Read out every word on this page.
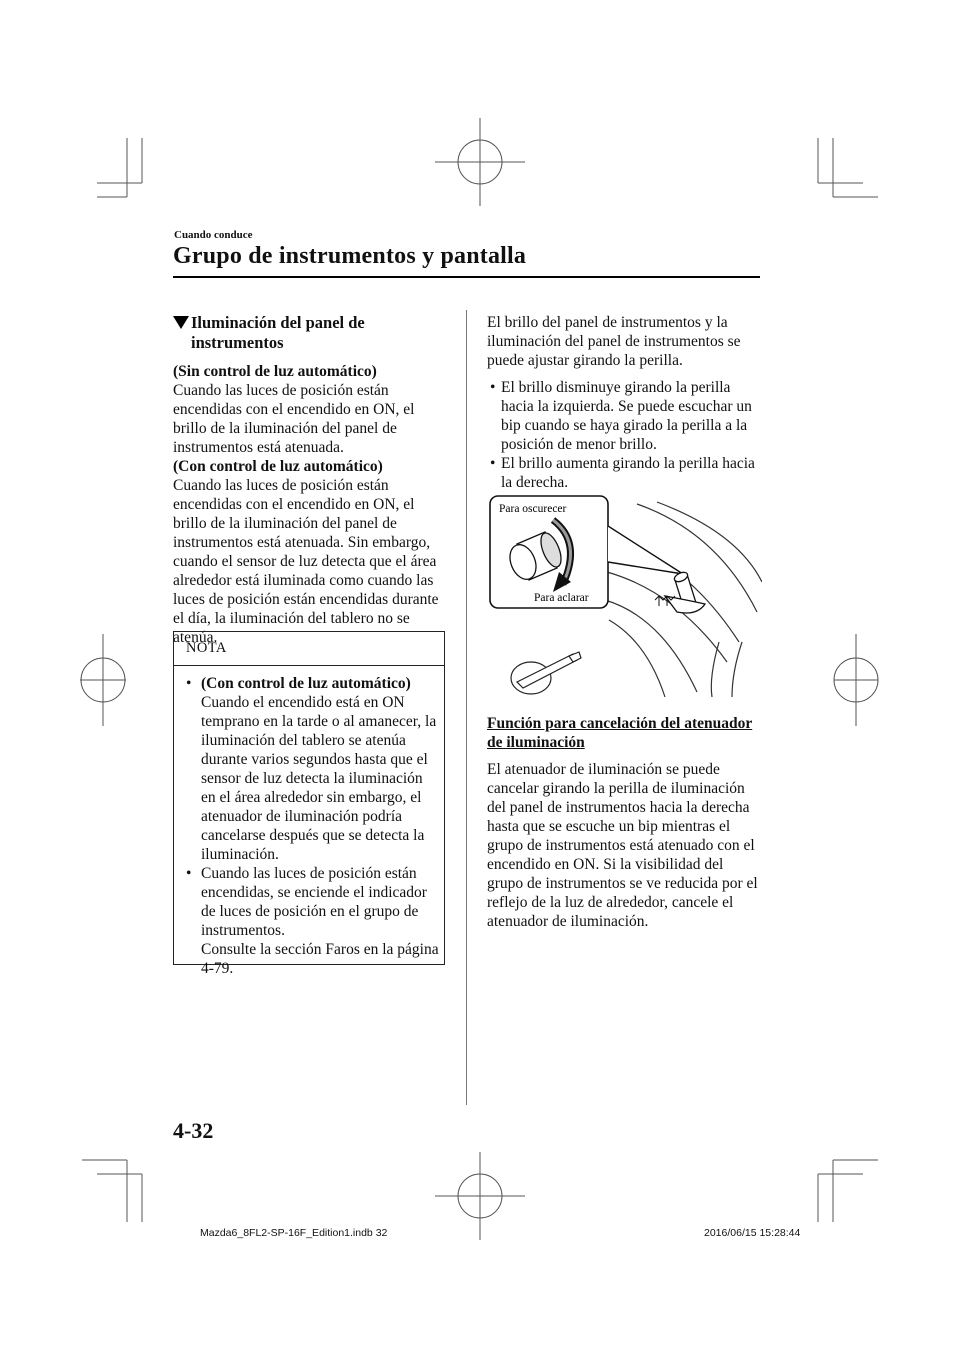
Cuando conduce
Grupo de instrumentos y pantalla
Iluminación del panel de
instrumentos

(Sin control de luz automático)

Cuando las luces de posición están encendidas con el encendido en ON, el brillo de la iluminación del panel de instrumentos está atenuada.

(Con control de luz automático)

Cuando las luces de posición están encendidas con el encendido en ON, el brillo de la iluminación del panel de instrumentos está atenuada. Sin embargo, cuando el sensor de luz detecta que el área alrededor está iluminada como cuando las luces de posición están encendidas durante el día, la iluminación del tablero no se atenúa.

NOTA
• (Con control de luz automático)
Cuando el encendido está en ON temprano en la tarde o al amanecer, la iluminación del tablero se atenúa durante varios segundos hasta que el sensor de luz detecta la iluminación en el área alrededor sin embargo, el atenuador de iluminación podría cancelarse después que se detecta la iluminación.
• Cuando las luces de posición están encendidas, se enciende el indicador de luces de posición en el grupo de instrumentos.
Consulte la sección Faros en la página 4-79.

El brillo del panel de instrumentos y la iluminación del panel de instrumentos se puede ajustar girando la perilla.

• El brillo disminuye girando la perilla hacia la izquierda. Se puede escuchar un bip cuando se haya girado la perilla a la posición de menor brillo.
• El brillo aumenta girando la perilla hacia la derecha.
Para oscurecer
Para aclarar

Función para cancelación del atenuador de iluminación

El atenuador de iluminación se puede cancelar girando la perilla de iluminación del panel de instrumentos hacia la derecha hasta que se escuche un bip mientras el grupo de instrumentos está atenuado con el encendido en ON. Si la visibilidad del grupo de instrumentos se ve reducida por el reflejo de la luz de alrededor, cancele el atenuador de iluminación.

4-32
Mazda6_8FL2-SP-16F_Edition1.indb 32	2016/06/15 15:28:44
